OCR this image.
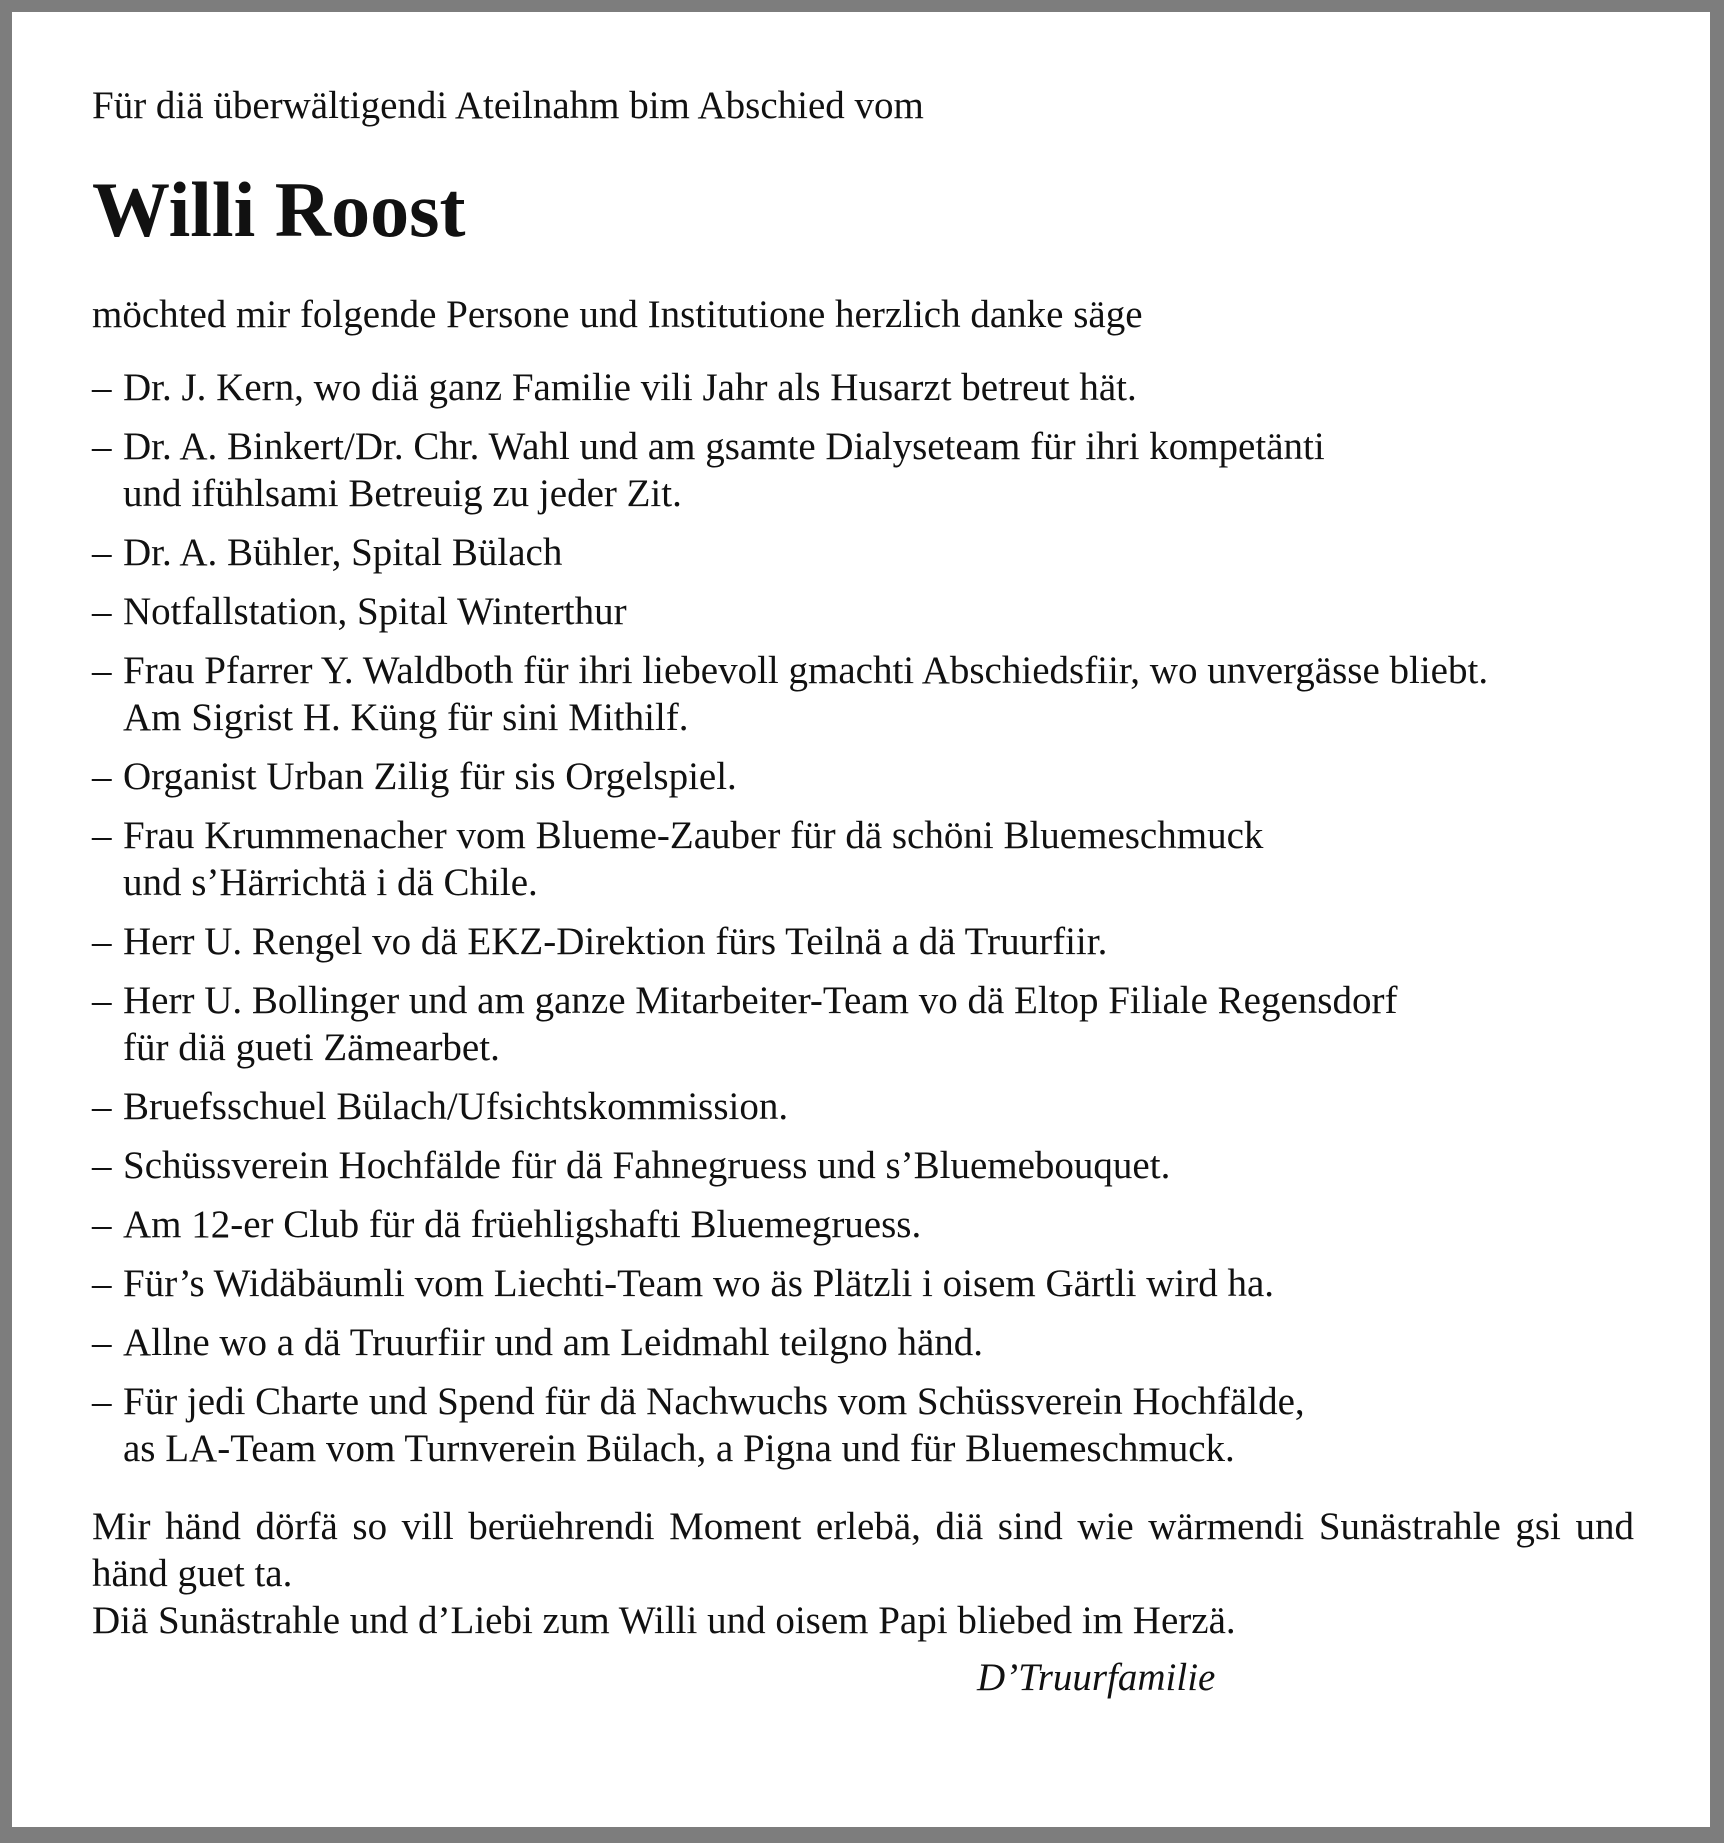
Für diä überwältigendi Ateilnahm bim Abschied vom

Willi Roost

möchted mir folgende Persone und Institutione herzlich danke säge

– Dr. J. Kern, wo diä ganz Familie vili Jahr als Husarzt betreut hät.
– Dr. A. Binkert/Dr. Chr. Wahl und am gsamte Dialyseteam für ihri kompetänti
und ifühlsami Betreuig zu jeder Zit.
– Dr. A. Bühler, Spital Bülach
– Notfallstation, Spital Winterthur
– Frau Pfarrer Y. Waldboth für ihri liebevoll gmachti Abschiedsfiir, wo unvergässe bliebt.
Am Sigrist H. Küng für sini Mithilf.
– Organist Urban Zilig für sis Orgelspiel.
– Frau Krummenacher vom Blueme-Zauber für dä schöni Bluemeschmuck
und s’Härrichtä i dä Chile.
– Herr U. Rengel vo dä EKZ-Direktion fürs Teilnä a dä Truurfiir.
– Herr U. Bollinger und am ganze Mitarbeiter-Team vo dä Eltop Filiale Regensdorf
für diä gueti Zämearbet.
– Bruefsschuel Bülach/Ufsichtskommission.
– Schüssverein Hochfälde für dä Fahnegruess und s’Bluemebouquet.
– Am 12-er Club für dä früehligshafti Bluemegruess.
– Für’s Widäbäumli vom Liechti-Team wo äs Plätzli i oisem Gärtli wird ha.
– Allne wo a dä Truurfiir und am Leidmahl teilgno händ.
– Für jedi Charte und Spend für dä Nachwuchs vom Schüssverein Hochfälde,
as LA-Team vom Turnverein Bülach, a Pigna und für Bluemeschmuck.

Mir händ dörfä so vill berüehrendi Moment erlebä, diä sind wie wärmendi Sunästrahle gsi und händ guet ta.

Diä Sunästrahle und d’Liebi zum Willi und oisem Papi bliebed im Herzä.

D’Truurfamilie
